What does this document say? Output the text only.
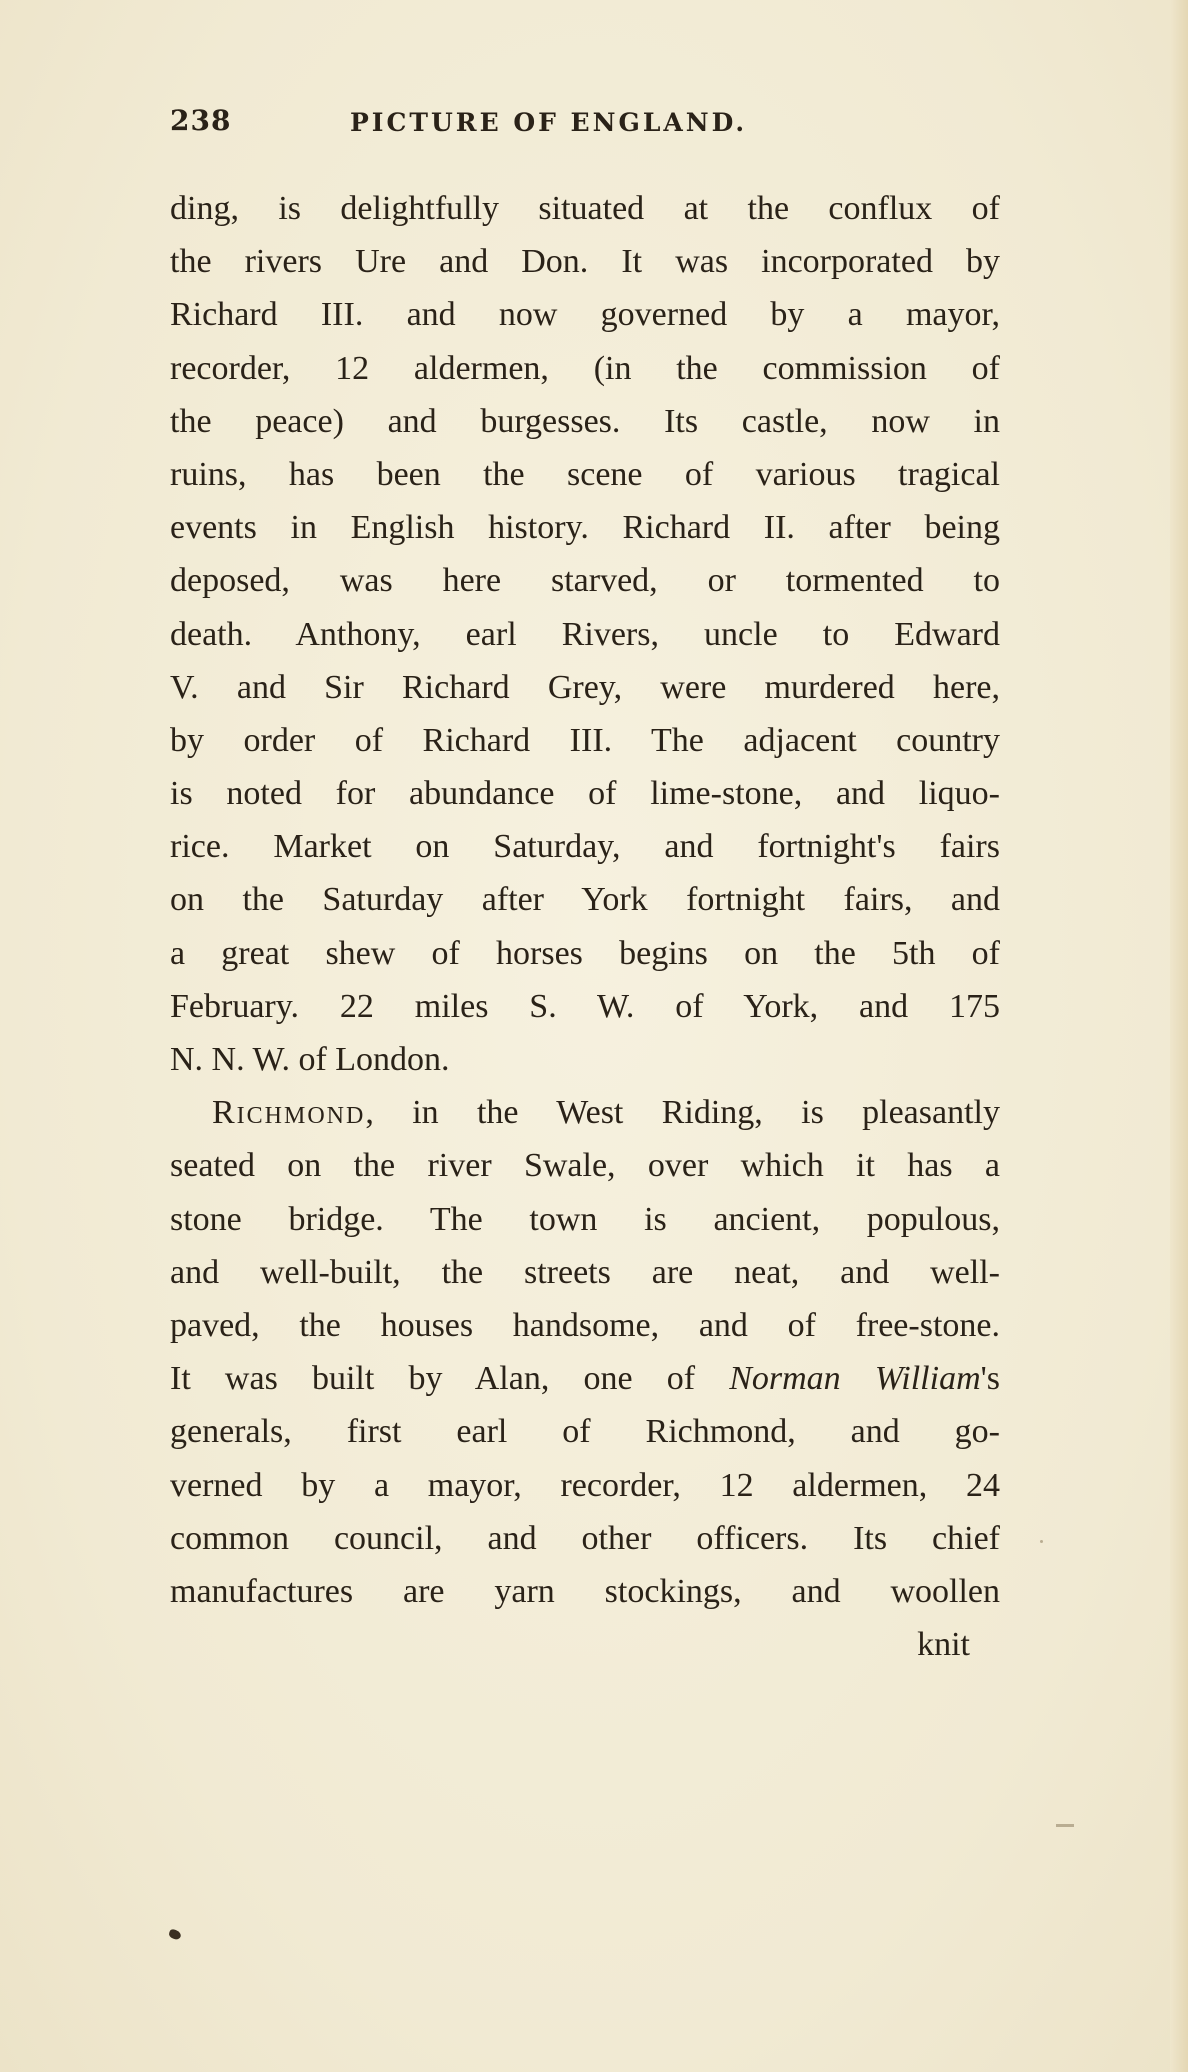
238	PICTURE OF ENGLAND.
ding, is delightfully situated at the conflux of
the rivers Ure and Don. It was incorporated by
Richard III. and now governed by a mayor,
recorder, 12 aldermen, (in the commission of
the peace) and burgesses. Its castle, now in
ruins, has been the scene of various tragical
events in English history. Richard II. after being
deposed, was here starved, or tormented to
death. Anthony, earl Rivers, uncle to Edward
V. and Sir Richard Grey, were murdered here,
by order of Richard III. The adjacent country
is noted for abundance of lime-stone, and liquo-
rice. Market on Saturday, and fortnight's fairs
on the Saturday after York fortnight fairs, and
a great shew of horses begins on the 5th of
February. 22 miles S. W. of York, and 175
N. N. W. of London.
Richmond, in the West Riding, is pleasantly
seated on the river Swale, over which it has a
stone bridge. The town is ancient, populous,
and well-built, the streets are neat, and well-
paved, the houses handsome, and of free-stone.
It was built by Alan, one of Norman William's
generals, first earl of Richmond, and go-
verned by a mayor, recorder, 12 aldermen, 24
common council, and other officers. Its chief
manufactures are yarn stockings, and woollen
knit
